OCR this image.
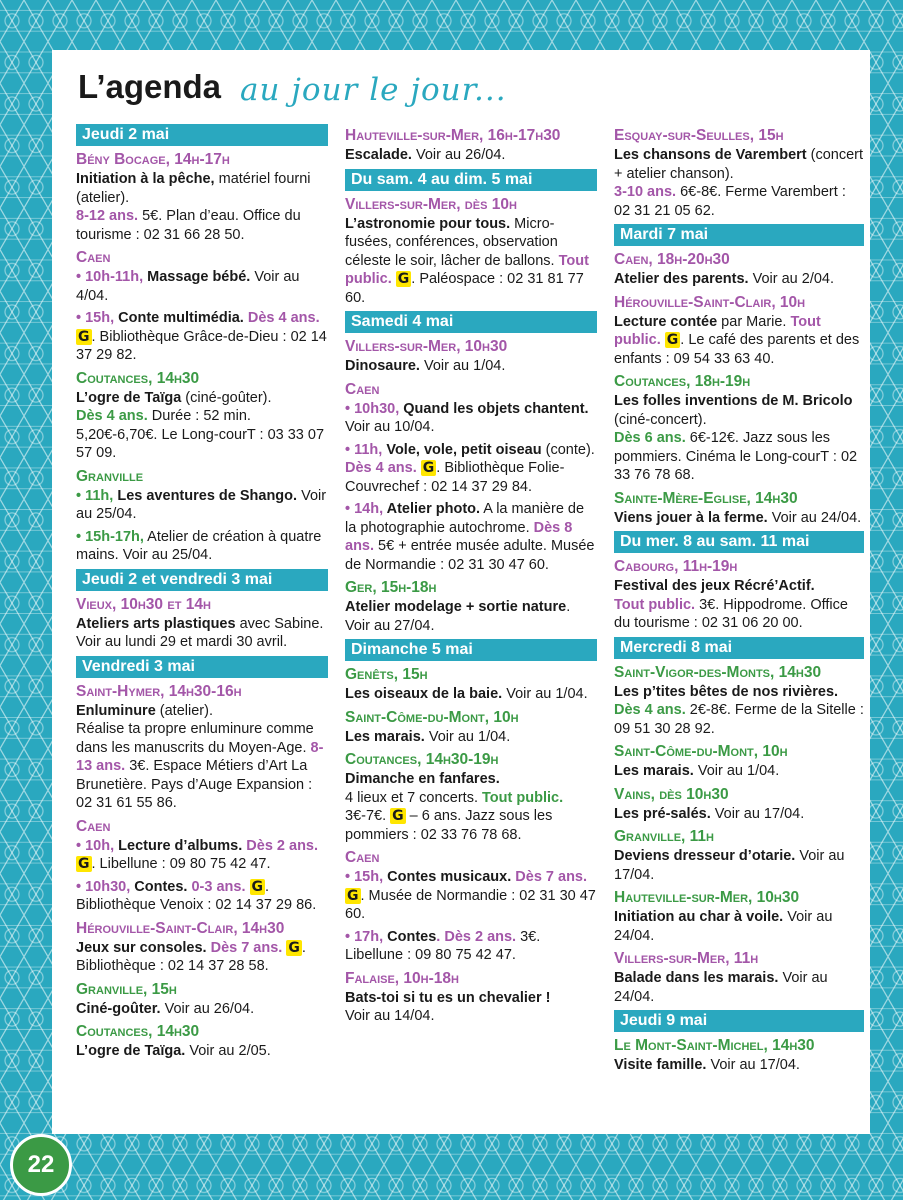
L’agenda au jour le jour...
Jeudi 2 mai
Bény Bocage, 14h-17h
Initiation à la pêche, matériel fourni (atelier).
8-12 ans. 5€. Plan d’eau. Office du tourisme : 02 31 66 28 50.
Caen
• 10h-11h, Massage bébé. Voir au 4/04.
• 15h, Conte multimédia. Dès 4 ans. G . Bibliothèque Grâce-de-Dieu : 02 14 37 29 82.
Coutances, 14h30
L’ogre de Taïga (ciné-goûter).
Dès 4 ans. Durée : 52 min. 5,20€-6,70€. Le Long-courT : 03 33 07 57 09.
Granville
• 11h, Les aventures de Shango. Voir au 25/04.
• 15h-17h, Atelier de création à quatre mains. Voir au 25/04.
Jeudi 2 et vendredi 3 mai
Vieux, 10h30 et 14h
Ateliers arts plastiques avec Sabine. Voir au lundi 29 et mardi 30 avril.
Vendredi 3 mai
Saint-Hymer, 14h30-16h
Enluminure (atelier).
Réalise ta propre enluminure comme dans les manuscrits du Moyen-Age. 8-13 ans. 3€. Espace Métiers d’Art La Brunetière. Pays d’Auge Expansion : 02 31 61 55 86.
Caen
• 10h, Lecture d’albums. Dès 2 ans. G . Libellune : 09 80 75 42 47.
• 10h30, Contes. 0-3 ans. G . Bibliothèque Venoix : 02 14 37 29 86.
Hérouville-Saint-Clair, 14h30
Jeux sur consoles. Dès 7 ans. G . Bibliothèque : 02 14 37 28 58.
Granville, 15h
Ciné-goûter. Voir au 26/04.
Coutances, 14h30
L’ogre de Taïga. Voir au 2/05.
Hauteville-sur-Mer, 16h-17h30
Escalade. Voir au 26/04.
Du sam. 4 au dim. 5 mai
Villers-sur-Mer, dès 10h
L’astronomie pour tous. Micro-fusées, conférences, observation céleste le soir, lâcher de ballons. Tout public. G . Paléospace : 02 31 81 77 60.
Samedi 4 mai
Villers-sur-Mer, 10h30
Dinosaure. Voir au 1/04.
Caen
• 10h30, Quand les objets chantent. Voir au 10/04.
• 11h, Vole, vole, petit oiseau (conte). Dès 4 ans. G . Bibliothèque Folie-Couvrechef : 02 14 37 29 84.
• 14h, Atelier photo. A la manière de la photographie autochrome. Dès 8 ans. 5€ + entrée musée adulte. Musée de Normandie : 02 31 30 47 60.
Ger, 15h-18h
Atelier modelage + sortie nature. Voir au 27/04.
Dimanche 5 mai
Genêts, 15h
Les oiseaux de la baie. Voir au 1/04.
Saint-Côme-du-Mont, 10h
Les marais. Voir au 1/04.
Coutances, 14h30-19h
Dimanche en fanfares.
4 lieux et 7 concerts. Tout public.
3€-7€. G – 6 ans. Jazz sous les pommiers : 02 33 76 78 68.
Caen
• 15h, Contes musicaux. Dès 7 ans. G . Musée de Normandie : 02 31 30 47 60.
• 17h, Contes. Dès 2 ans. 3€. Libellune : 09 80 75 42 47.
Falaise, 10h-18h
Bats-toi si tu es un chevalier !
Voir au 14/04.
Esquay-sur-Seulles, 15h
Les chansons de Varembert (concert + atelier chanson).
3-10 ans. 6€-8€. Ferme Varembert : 02 31 21 05 62.
Mardi 7 mai
Caen, 18h-20h30
Atelier des parents. Voir au 2/04.
Hérouville-Saint-Clair, 10h
Lecture contée par Marie. Tout public. G . Le café des parents et des enfants : 09 54 33 63 40.
Coutances, 18h-19h
Les folles inventions de M. Bricolo (ciné-concert).
Dès 6 ans. 6€-12€. Jazz sous les pommiers. Cinéma le Long-courT : 02 33 76 78 68.
Sainte-Mère-Eglise, 14h30
Viens jouer à la ferme. Voir au 24/04.
Du mer. 8 au sam. 11 mai
Cabourg, 11h-19h
Festival des jeux Récré’Actif.
Tout public. 3€. Hippodrome. Office du tourisme : 02 31 06 20 00.
Mercredi 8 mai
Saint-Vigor-des-Monts, 14h30
Les p’tites bêtes de nos rivières.
Dès 4 ans. 2€-8€. Ferme de la Sitelle : 09 51 30 28 92.
Saint-Côme-du-Mont, 10h
Les marais. Voir au 1/04.
Vains, dès 10h30
Les pré-salés. Voir au 17/04.
Granville, 11h
Deviens dresseur d’otarie. Voir au 17/04.
Hauteville-sur-Mer, 10h30
Initiation au char à voile. Voir au 24/04.
Villers-sur-Mer, 11h
Balade dans les marais. Voir au 24/04.
Jeudi 9 mai
Le Mont-Saint-Michel, 14h30
Visite famille. Voir au 17/04.
22
